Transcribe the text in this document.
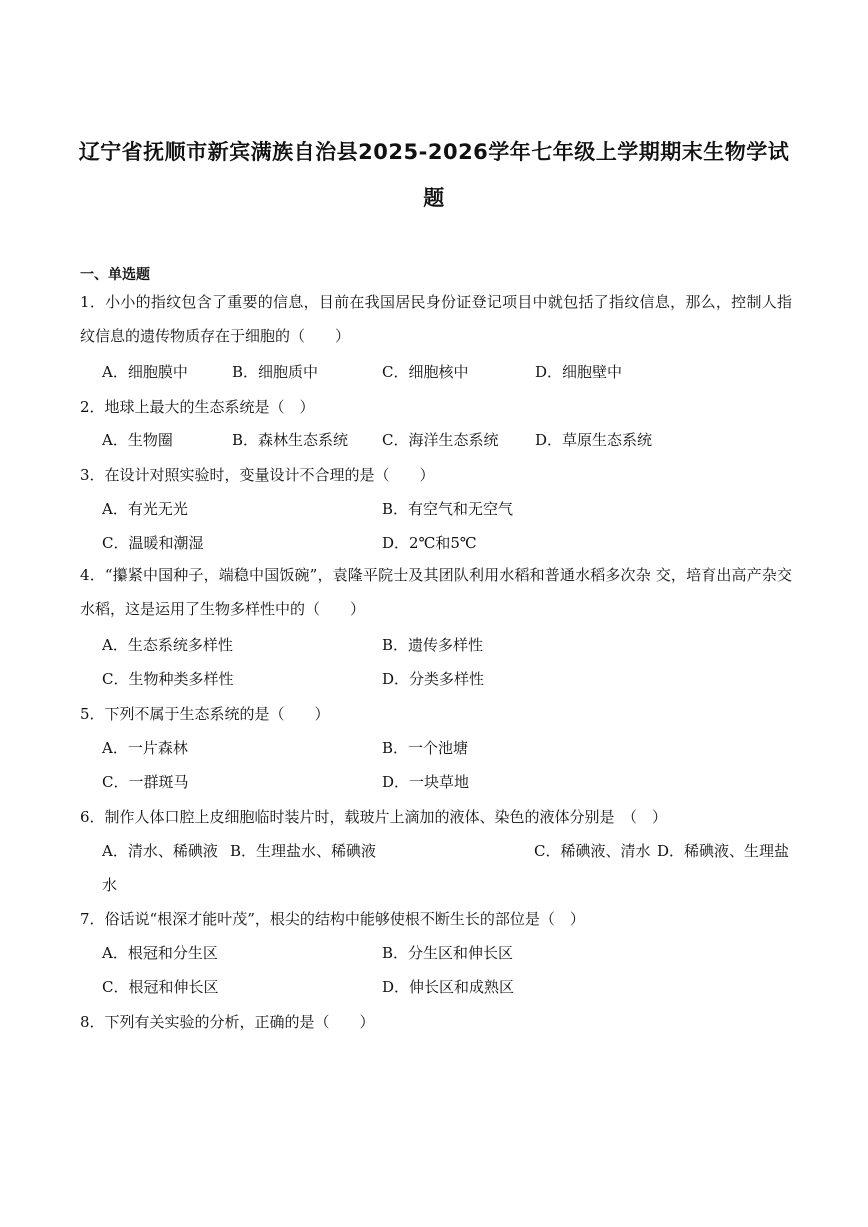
辽宁省抚顺市新宾满族自治县2025-2026学年七年级上学期期末生物学试
题
一、单选题
1．小小的指纹包含了重要的信息，目前在我国居民身份证登记项目中就包括了指纹信息，那么，控制人指纹信息的遗传物质存在于细胞的（　　）
A．细胞膜中	B．细胞质中	C．细胞核中	D．细胞壁中
2．地球上最大的生态系统是（　）
A．生物圈	B．森林生态系统 C．海洋生态系统 D．草原生态系统
3．在设计对照实验时，变量设计不合理的是（　　）
A．有光无光	B．有空气和无空气
C．温暖和潮湿	D．2℃和5℃
4．“攥紧中国种子，端稳中国饭碗”，袁隆平院士及其团队利用水稻和普通水稻多次杂 交，培育出高产杂交水稻，这是运用了生物多样性中的（　　）
A．生态系统多样性	B．遗传多样性
C．生物种类多样性	D．分类多样性
5．下列不属于生态系统的是（　　）
A．一片森林	B．一个池塘
C．一群斑马	D．一块草地
6．制作人体口腔上皮细胞临时装片时，载玻片上滴加的液体、染色的液体分别是　（　）
A．清水、稀碘液 B．生理盐水、稀碘液	C．稀碘液、清水 D．稀碘液、生理盐
水
7．俗话说“根深才能叶茂”，根尖的结构中能够使根不断生长的部位是（　）
A．根冠和分生区	B．分生区和伸长区
C．根冠和伸长区	D．伸长区和成熟区
8．下列有关实验的分析，正确的是（　　）
